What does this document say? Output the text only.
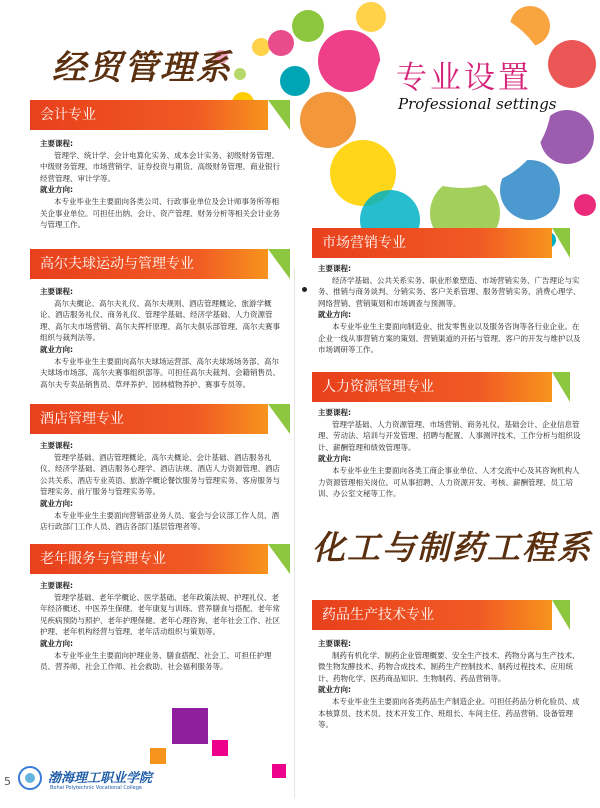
专业设置
Professional settings
经贸管理系
化工与制药工程系
会计专业

主要课程:

管理学、统计学、会计电算化实务、成本会计实务、初级财务管理、中级财务管理、市场营销学、证券投资与期货、高级财务管理、商业银行经营管理、审计学等。

就业方向:

本专业毕业生主要面向各类公司、行政事业单位及会计师事务所等相关企事业单位。可担任出纳、会计、资产管理、财务分析等相关会计业务与管理工作。

高尔夫球运动与管理专业

主要课程:

高尔夫概论、高尔夫礼仪、高尔夫规则、酒店管理概论、旅游学概论、酒店服务礼仪、商务礼仪、管理学基础、经济学基础、人力资源管理、高尔夫市场营销、高尔夫挥杆原理、高尔夫俱乐部管理、高尔夫赛事组织与裁判法等。

就业方向:

本专业毕业生主要面向高尔夫球场运营部、高尔夫球场场务部、高尔夫球场市场部、高尔夫赛事组织部等。可担任高尔夫裁判、会籍销售员、高尔夫专卖品销售员、草坪养护、园林植物养护、赛事专员等。

酒店管理专业

主要课程:

管理学基础、酒店管理概论、高尔夫概论、会计基础、酒店服务礼仪、经济学基础、酒店服务心理学、酒店法规、酒店人力资源管理、酒店公共关系、酒店专业英语、旅游学概论餐饮服务与管理实务、客房服务与管理实务、前厅服务与管理实务等。

就业方向:

本专业毕业生主要面向营销部业务人员、宴会与会议部工作人员、酒店行政部门工作人员、酒店各部门基层管理者等。

老年服务与管理专业

主要课程:

管理学基础、老年学概论、医学基础、老年政策法规、护理礼仪、老年经济概述、中医养生保健、老年康复与训练、营养膳食与搭配、老年常见疾病预防与照护、老年护理保健、老年心理咨询、老年社会工作、社区护理、老年机构经营与管理、老年活动组织与策划等。

就业方向:

本专业毕业生主要面向护理业务、膳食搭配、社会工、可担任护理员、营养师、社会工作师、社会救助、社会福利服务等。

市场营销专业

主要课程:

经济学基础、公共关系实务、职业形象塑造、市场营销实务、广告理论与实务、推销与商务谈判、分销实务、客户关系管理、服务营销实务、消费心理学、网络营销、营销策划和市场调查与预测等。

就业方向:

本专业毕业生主要面向制造业、批发零售业以及服务咨询等各行业企业。在企业一线从事营销方案的策划、营销渠道的开拓与管理、客户的开发与维护以及市场调研等工作。

人力资源管理专业

主要课程:

管理学基础、人力资源管理、市场营销、商务礼仪、基础会计、企业信息管理、劳动法、培训与开发管理、招聘与配置、人事测评技术、工作分析与组织设计、薪酬管理和绩效管理等。

就业方向:

本专业毕业生主要面向各类工商企事业单位、人才交流中心及其咨询机构人力资源管理相关岗位。可从事招聘、人力资源开发、考核、薪酬管理、员工培训、办公室文秘等工作。

药品生产技术专业

主要课程:

制药有机化学、制药企业管理概要、安全生产技术、药物分离与生产技术、微生物发酵技术、药物合成技术、制药生产控制技术、制药过程技术、应用统计、药物化学、医药商品知识、生物制药、药品营销等。

就业方向:

本专业毕业生主要面向各类药品生产制造企业。可担任药品分析化验员、成本核算员、技术员、技术开发工作、班组长、车间主任、药品营销、设备管理等。

5	渤海理工职业学院
Bohai Polytechnic Vocational College
